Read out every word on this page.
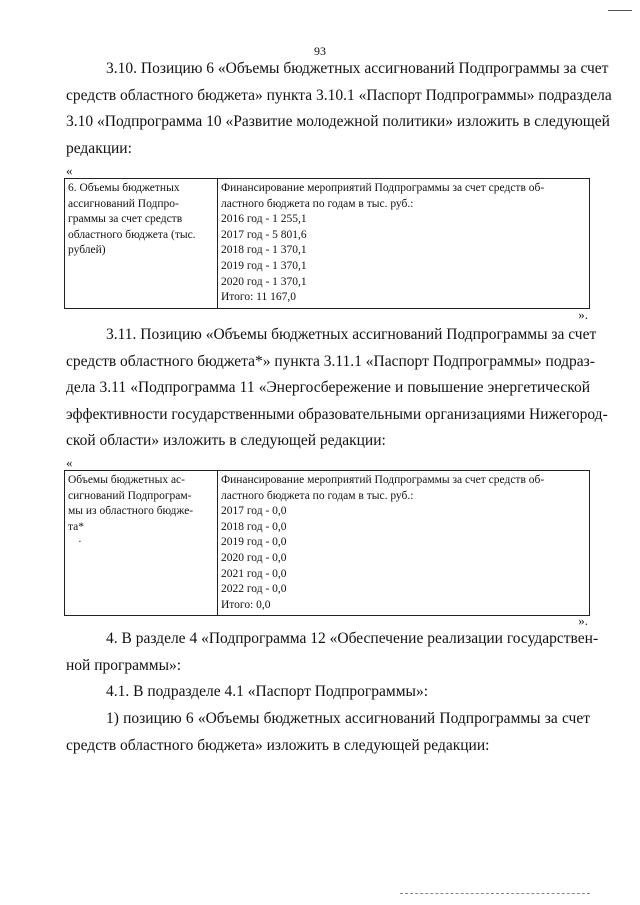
93
3.10. Позицию 6 «Объемы бюджетных ассигнований Подпрограммы за счет
средств областного бюджета» пункта 3.10.1 «Паспорт Подпрограммы» подраздела
3.10 «Подпрограмма 10 «Развитие молодежной политики» изложить в следующей
редакции:
«
6. Объемы бюджетных
ассигнований Подпро-
граммы за счет средств
областного бюджета (тыс.
рублей)

Финансирование мероприятий Подпрограммы за счет средств об-
ластного бюджета по годам в тыс. руб.:
2016 год - 1 255,1
2017 год - 5 801,6
2018 год - 1 370,1
2019 год - 1 370,1
2020 год - 1 370,1
Итого: 11 167,0
».
3.11. Позицию «Объемы бюджетных ассигнований Подпрограммы за счет
средств областного бюджета*» пункта 3.11.1 «Паспорт Подпрограммы» подраз-
дела 3.11 «Подпрограмма 11 «Энергосбережение и повышение энергетической
эффективности государственными образовательными организациями Нижегород-
ской области» изложить в следующей редакции:
«
Объемы бюджетных ас-
сигнований Подпрограм-
мы из областного бюдже-
та*
·

Финансирование мероприятий Подпрограммы за счет средств об-
ластного бюджета по годам в тыс. руб.:
2017 год - 0,0
2018 год - 0,0
2019 год - 0,0
2020 год - 0,0
2021 год - 0,0
2022 год - 0,0
Итого: 0,0
».
4. В разделе 4 «Подпрограмма 12 «Обеспечение реализации государствен-
ной программы»:
4.1. В подразделе 4.1 «Паспорт Подпрограммы»:
1) позицию 6 «Объемы бюджетных ассигнований Подпрограммы за счет
средств областного бюджета» изложить в следующей редакции:
